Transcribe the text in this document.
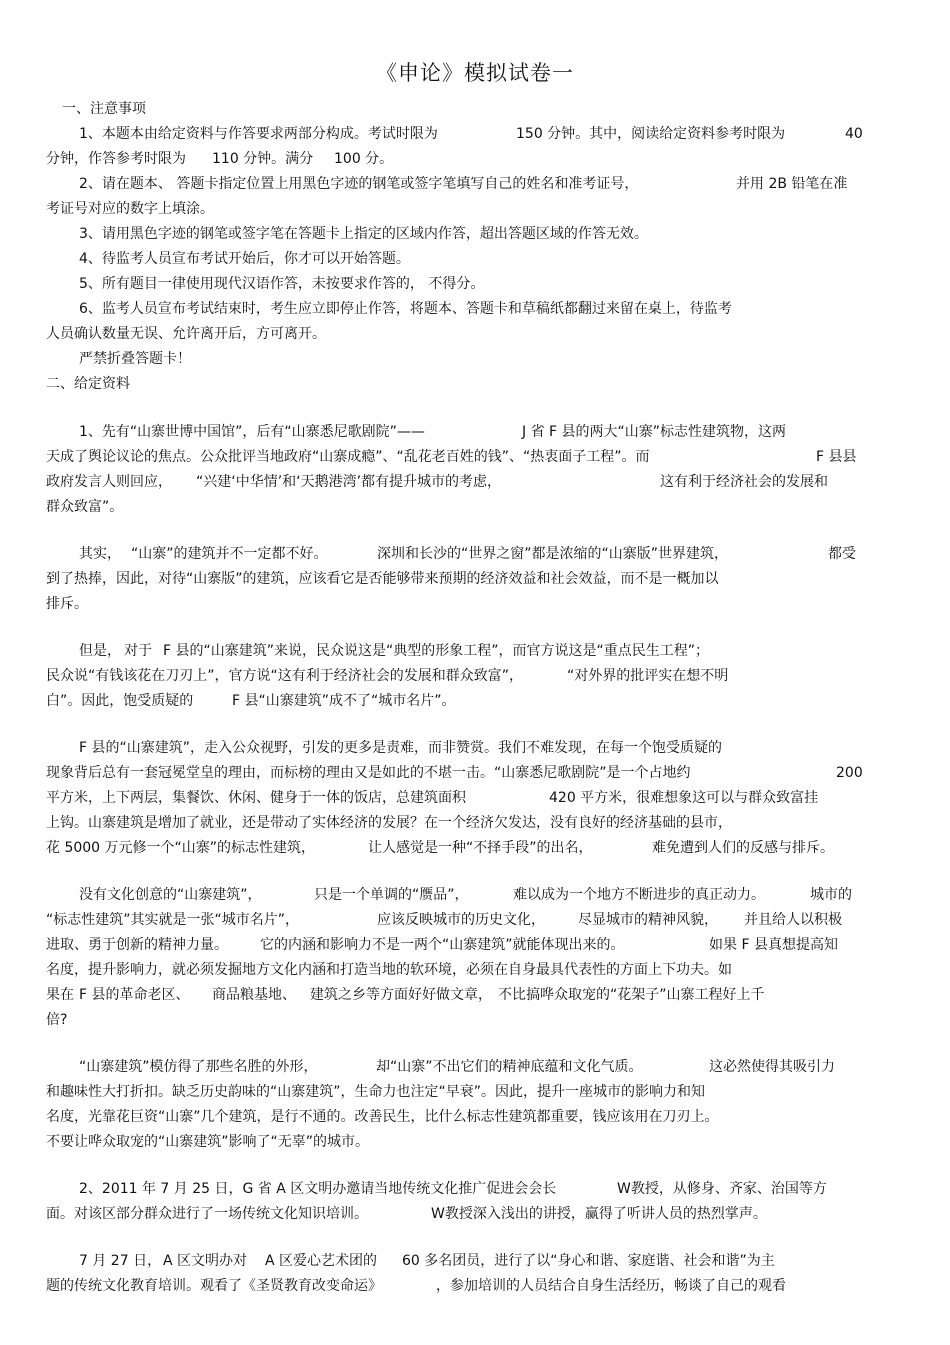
《申论》模拟试卷一
一、注意事项
1、本题本由给定资料与作答要求两部分构成。考试时限为	150 分钟。其中，阅读给定资料参考时限为	40
分钟，作答参考时限为 110 分钟。满分 100 分。
2、请在题本、 答题卡指定位置上用黑色字迹的钢笔或签字笔填写自己的姓名和准考证号，	并用 2B 铅笔在准
考证号对应的数字上填涂。
3、请用黑色字迹的钢笔或签字笔在答题卡上指定的区域内作答，超出答题区域的作答无效。
4、待监考人员宣布考试开始后，你才可以开始答题。
5、所有题目一律使用现代汉语作答，未按要求作答的， 不得分。
6、监考人员宣布考试结束时，考生应立即停止作答，将题本、答题卡和草稿纸都翻过来留在桌上，待监考
人员确认数量无误、允许离开后，方可离开。
严禁折叠答题卡！
二、给定资料
1、先有“山寨世博中国馆”，后有“山寨悉尼歌剧院”——	J 省 F 县的两大“山寨”标志性建筑物，这两
天成了舆论议论的焦点。公众批评当地政府“山寨成瘾”、“乱花老百姓的钱”、“热衷面子工程”。而	F 县县
政府发言人则回应， “兴建‘中华情’和‘天鹅港湾’都有提升城市的考虑，	这有利于经济社会的发展和
群众致富”。
其实， “山寨”的建筑并不一定都不好。	深圳和长沙的“世界之窗”都是浓缩的“山寨版”世界建筑，	都受
到了热捧，因此，对待“山寨版”的建筑，应该看它是否能够带来预期的经济效益和社会效益，而不是一概加以
排斥。
但是， 对于 F 县的“山寨建筑”来说，民众说这是“典型的形象工程”，而官方说这是“重点民生工程”；
民众说“有钱该花在刀刃上”，官方说“这有利于经济社会的发展和群众致富”，	“对外界的批评实在想不明
白”。因此，饱受质疑的	F 县“山寨建筑”成不了“城市名片”。
F 县的“山寨建筑”，走入公众视野，引发的更多是责难，而非赞赏。我们不难发现，在每一个饱受质疑的
现象背后总有一套冠冕堂皇的理由，而标榜的理由又是如此的不堪一击。“山寨悉尼歌剧院”是一个占地约	200
平方米，上下两层，集餐饮、休闲、健身于一体的饭店，总建筑面积	420 平方米，很难想象这可以与群众致富挂
上钩。山寨建筑是增加了就业，还是带动了实体经济的发展？在一个经济欠发达，没有良好的经济基础的县市，
花 5000 万元修一个“山寨”的标志性建筑，	让人感觉是一种“不择手段”的出名，	难免遭到人们的反感与排斥。
没有文化创意的“山寨建筑”，	只是一个单调的“赝品”，	难以成为一个地方不断进步的真正动力。	城市的
“标志性建筑”其实就是一张“城市名片”，	应该反映城市的历史文化， 尽显城市的精神风貌， 并且给人以积极
进取、勇于创新的精神力量。 它的内涵和影响力不是一两个“山寨建筑”就能体现出来的。	如果 F 县真想提高知
名度，提升影响力，就必须发掘地方文化内涵和打造当地的软环境，必须在自身最具代表性的方面上下功夫。如
果在 F 县的革命老区、 商品粮基地、 建筑之乡等方面好好做文章， 不比搞哗众取宠的“花架子”山寨工程好上千
倍?
“山寨建筑”模仿得了那些名胜的外形，	却“山寨”不出它们的精神底蕴和文化气质。	这必然使得其吸引力
和趣味性大打折扣。缺乏历史韵味的“山寨建筑”，生命力也注定“早衰”。因此，提升一座城市的影响力和知
名度，光靠花巨资“山寨”几个建筑，是行不通的。改善民生，比什么标志性建筑都重要，钱应该用在刀刃上。
不要让哗众取宠的“山寨建筑”影响了“无辜”的城市。
2、2011 年 7 月 25 日，G 省 A 区文明办邀请当地传统文化推广促进会会长	W教授，从修身、齐家、治国等方
面。对该区部分群众进行了一场传统文化知识培训。	W教授深入浅出的讲授，赢得了听讲人员的热烈掌声。
7 月 27 日， A 区文明办对 A 区爱心艺术团的 60 多名团员，进行了以“身心和谐、家庭谐、社会和谐”为主
题的传统文化教育培训。观看了《圣贤教育改变命运》	，参加培训的人员结合自身生活经历，畅谈了自己的观看
